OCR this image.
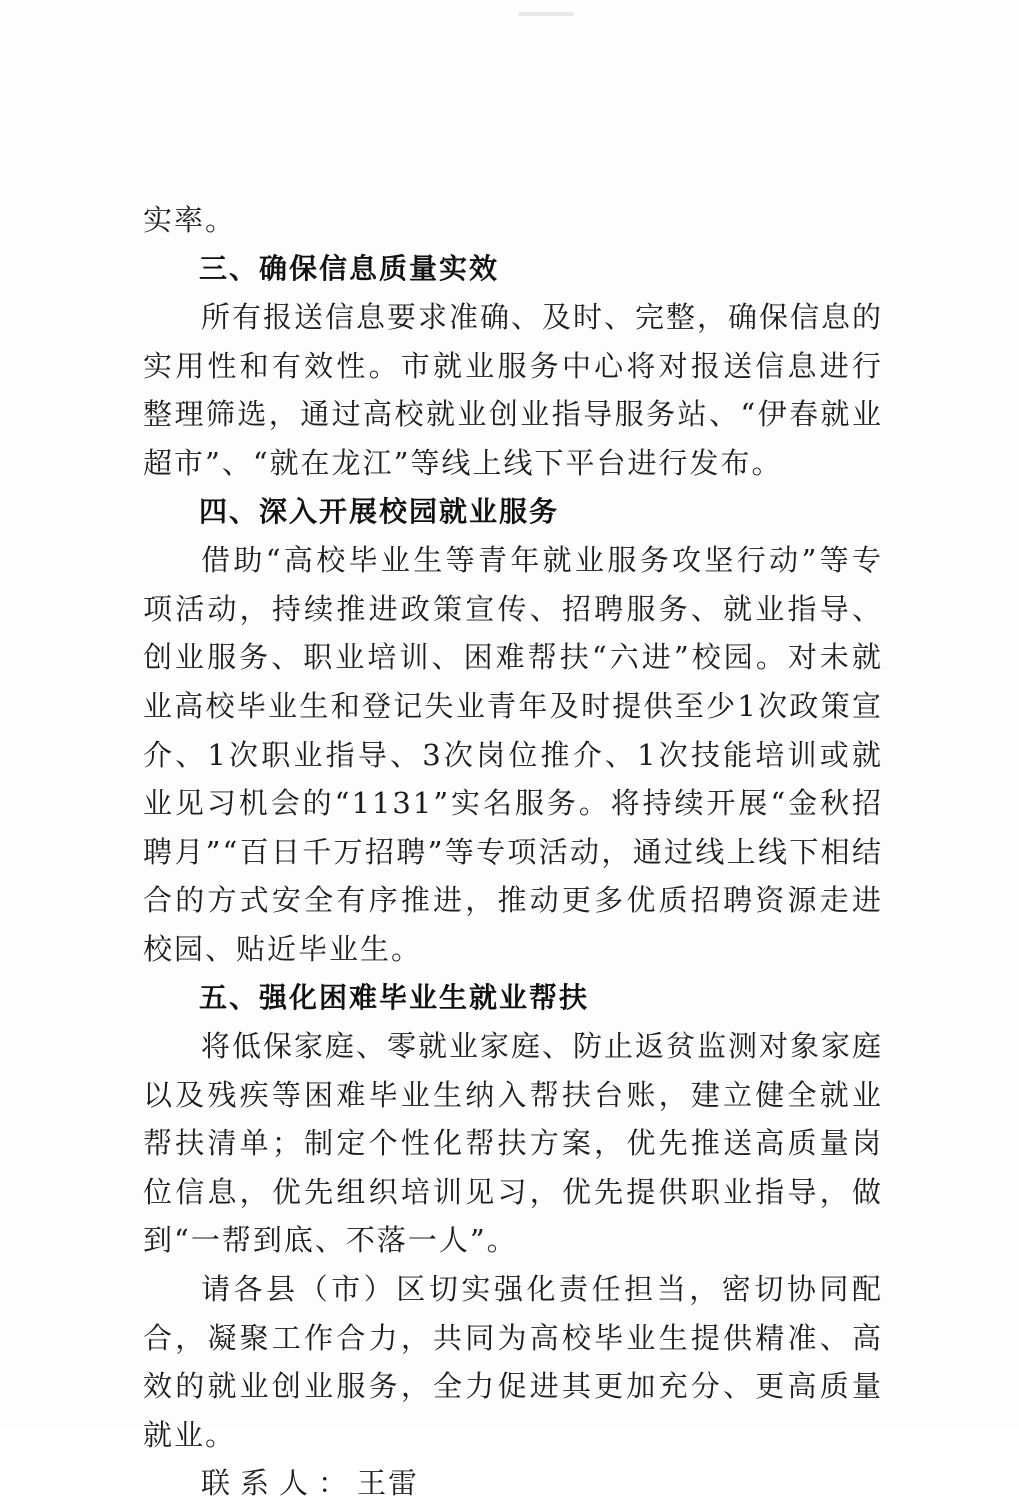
实率。

三、确保信息质量实效

所有报送信息要求准确、及时、完整，确保信息的实用性和有效性。市就业服务中心将对报送信息进行整理筛选，通过高校就业创业指导服务站、“伊春就业超市”、“就在龙江”等线上线下平台进行发布。

四、深入开展校园就业服务

借助“高校毕业生等青年就业服务攻坚行动”等专项活动，持续推进政策宣传、招聘服务、就业指导、创业服务、职业培训、困难帮扶“六进”校园。对未就业高校毕业生和登记失业青年及时提供至少1次政策宣介、1次职业指导、3次岗位推介、1次技能培训或就业见习机会的“1131”实名服务。将持续开展“金秋招聘月”“百日千万招聘”等专项活动，通过线上线下相结合的方式安全有序推进，推动更多优质招聘资源走进校园、贴近毕业生。

五、强化困难毕业生就业帮扶

将低保家庭、零就业家庭、防止返贫监测对象家庭以及残疾等困难毕业生纳入帮扶台账，建立健全就业帮扶清单；制定个性化帮扶方案，优先推送高质量岗位信息，优先组织培训见习，优先提供职业指导，做到“一帮到底、不落一人”。

请各县（市）区切实强化责任担当，密切协同配合，凝聚工作合力，共同为高校毕业生提供精准、高效的就业创业服务，全力促进其更加充分、更高质量就业。

联系人：王雷
